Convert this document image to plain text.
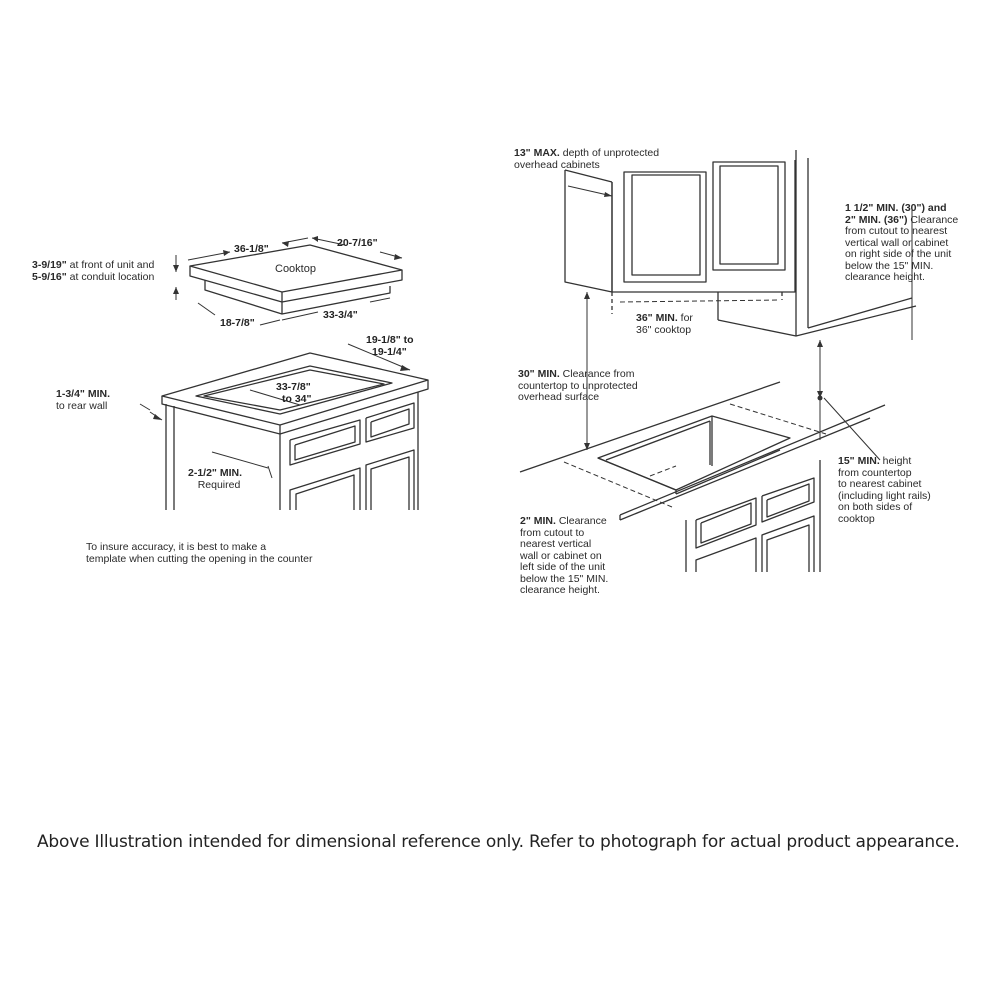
Cooktop
36-1/8"	20-7/16"
3-9/19" at front of unit and
5-9/16" at conduit location
18-7/8"
33-3/4"
19-1/8" to
19-1/4"
1-3/4" MIN.
to rear wall
33-7/8"
to 34"
2-1/2" MIN.
Required
To insure accuracy, it is best to make a
template when cutting the opening in the counter
13" MAX. depth of unprotected
overhead cabinets
1 1/2" MIN. (30") and
2" MIN. (36") Clearance
from cutout to nearest
vertical wall or cabinet
on right side of the unit
below the 15" MIN.
clearance height.
36" MIN. for
36" cooktop
30" MIN. Clearance from
countertop to unprotected
overhead surface
15" MIN. height
from countertop
to nearest cabinet
(including light rails)
on both sides of
cooktop
2" MIN. Clearance
from cutout to
nearest vertical
wall or cabinet on
left side of the unit
below the 15" MIN.
clearance height.
Above Illustration intended for dimensional reference only. Refer to photograph for actual product appearance.
